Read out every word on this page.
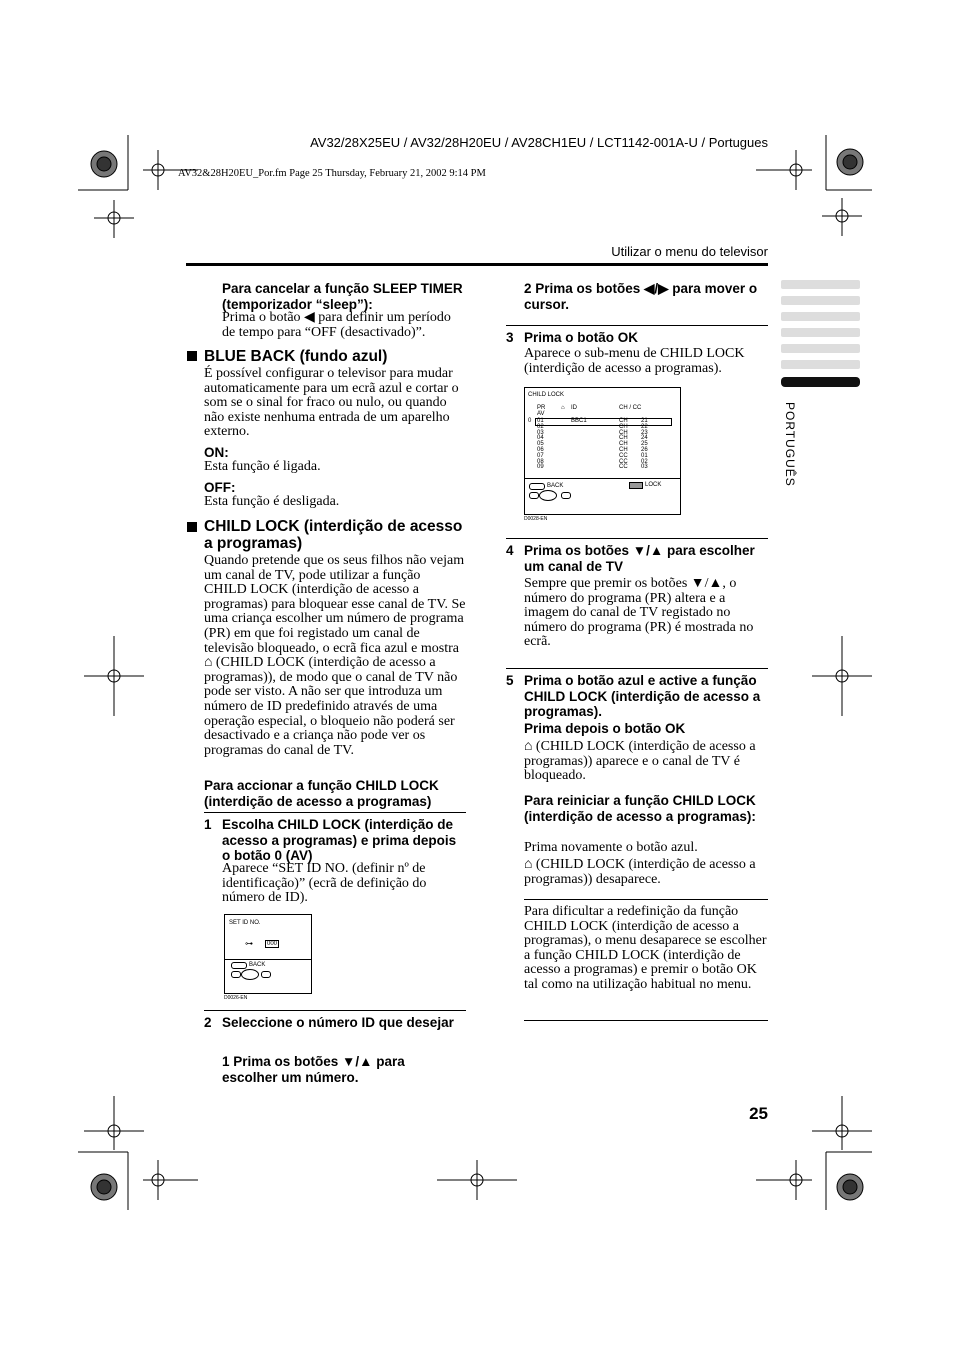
AV32/28X25EU / AV32/28H20EU / AV28CH1EU / LCT1142-001A-U / Portugues
AV32&28H20EU_Por.fm Page 25 Thursday, February 21, 2002 9:14 PM
Utilizar o menu do televisor
PORTUGUÊS
Para cancelar a função SLEEP TIMER (temporizador “sleep”):
Prima o botão ◀ para definir um período de tempo para “OFF (desactivado)”.
BLUE BACK (fundo azul)
É possível configurar o televisor para mudar automaticamente para um ecrã azul e cortar o som se o sinal for fraco ou nulo, ou quando não existe nenhuma entrada de um aparelho externo.
ON:
Esta função é ligada.
OFF:
Esta função é desligada.
CHILD LOCK (interdição de acesso a programas)
Quando pretende que os seus filhos não vejam um canal de TV, pode utilizar a função CHILD LOCK (interdição de acesso a programas) para bloquear esse canal de TV. Se uma criança escolher um número de programa (PR) em que foi registado um canal de televisão bloqueado, o ecrã fica azul e mostra ⌂ (CHILD LOCK (interdição de acesso a programas)), de modo que o canal de TV não pode ser visto. A não ser que introduza um número de ID predefinido através de uma operação especial, o bloqueio não poderá ser desactivado e a criança não pode ver os programas do canal de TV.
Para accionar a função CHILD LOCK (interdição de acesso a programas)
1 Escolha CHILD LOCK (interdição de acesso a programas) e prima depois o botão 0 (AV)
Aparece “SET ID NO. (definir nº de identificação)” (ecrã de definição do número de ID).
SET ID NO.
⊶	000
BACK
D0026-EN
2 Seleccione o número ID que desejar
1 Prima os botões ▼/▲ para escolher um número.
2 Prima os botões ◀/▶ para mover o cursor.
3 Prima o botão OK
Aparece o sub-menu de CHILD LOCK (interdição de acesso a programas).
CHILD LOCK
PR	⌂ ID	CH / CC
AV
0 01	BBC1	CH 21
02	CH 22
03	CH 23
04	CH 24
05	CH 25
06	CH 26
07	CC 01
08	CC 02
09	CC 03
BACK	LOCK
D0028-EN
4 Prima os botões ▼/▲ para escolher um canal de TV
Sempre que premir os botões ▼/▲, o número do programa (PR) altera e a imagem do canal de TV registado no número do programa (PR) é mostrada no ecrã.
5 Prima o botão azul e active a função CHILD LOCK (interdição de acesso a programas).
Prima depois o botão OK
⌂ (CHILD LOCK (interdição de acesso a programas)) aparece e o canal de TV é bloqueado.
Para reiniciar a função CHILD LOCK (interdição de acesso a programas):
Prima novamente o botão azul.
⌂ (CHILD LOCK (interdição de acesso a programas)) desaparece.
Para dificultar a redefinição da função CHILD LOCK (interdição de acesso a programas), o menu desaparece se escolher a função CHILD LOCK (interdição de acesso a programas) e premir o botão OK tal como na utilização habitual no menu.
25
